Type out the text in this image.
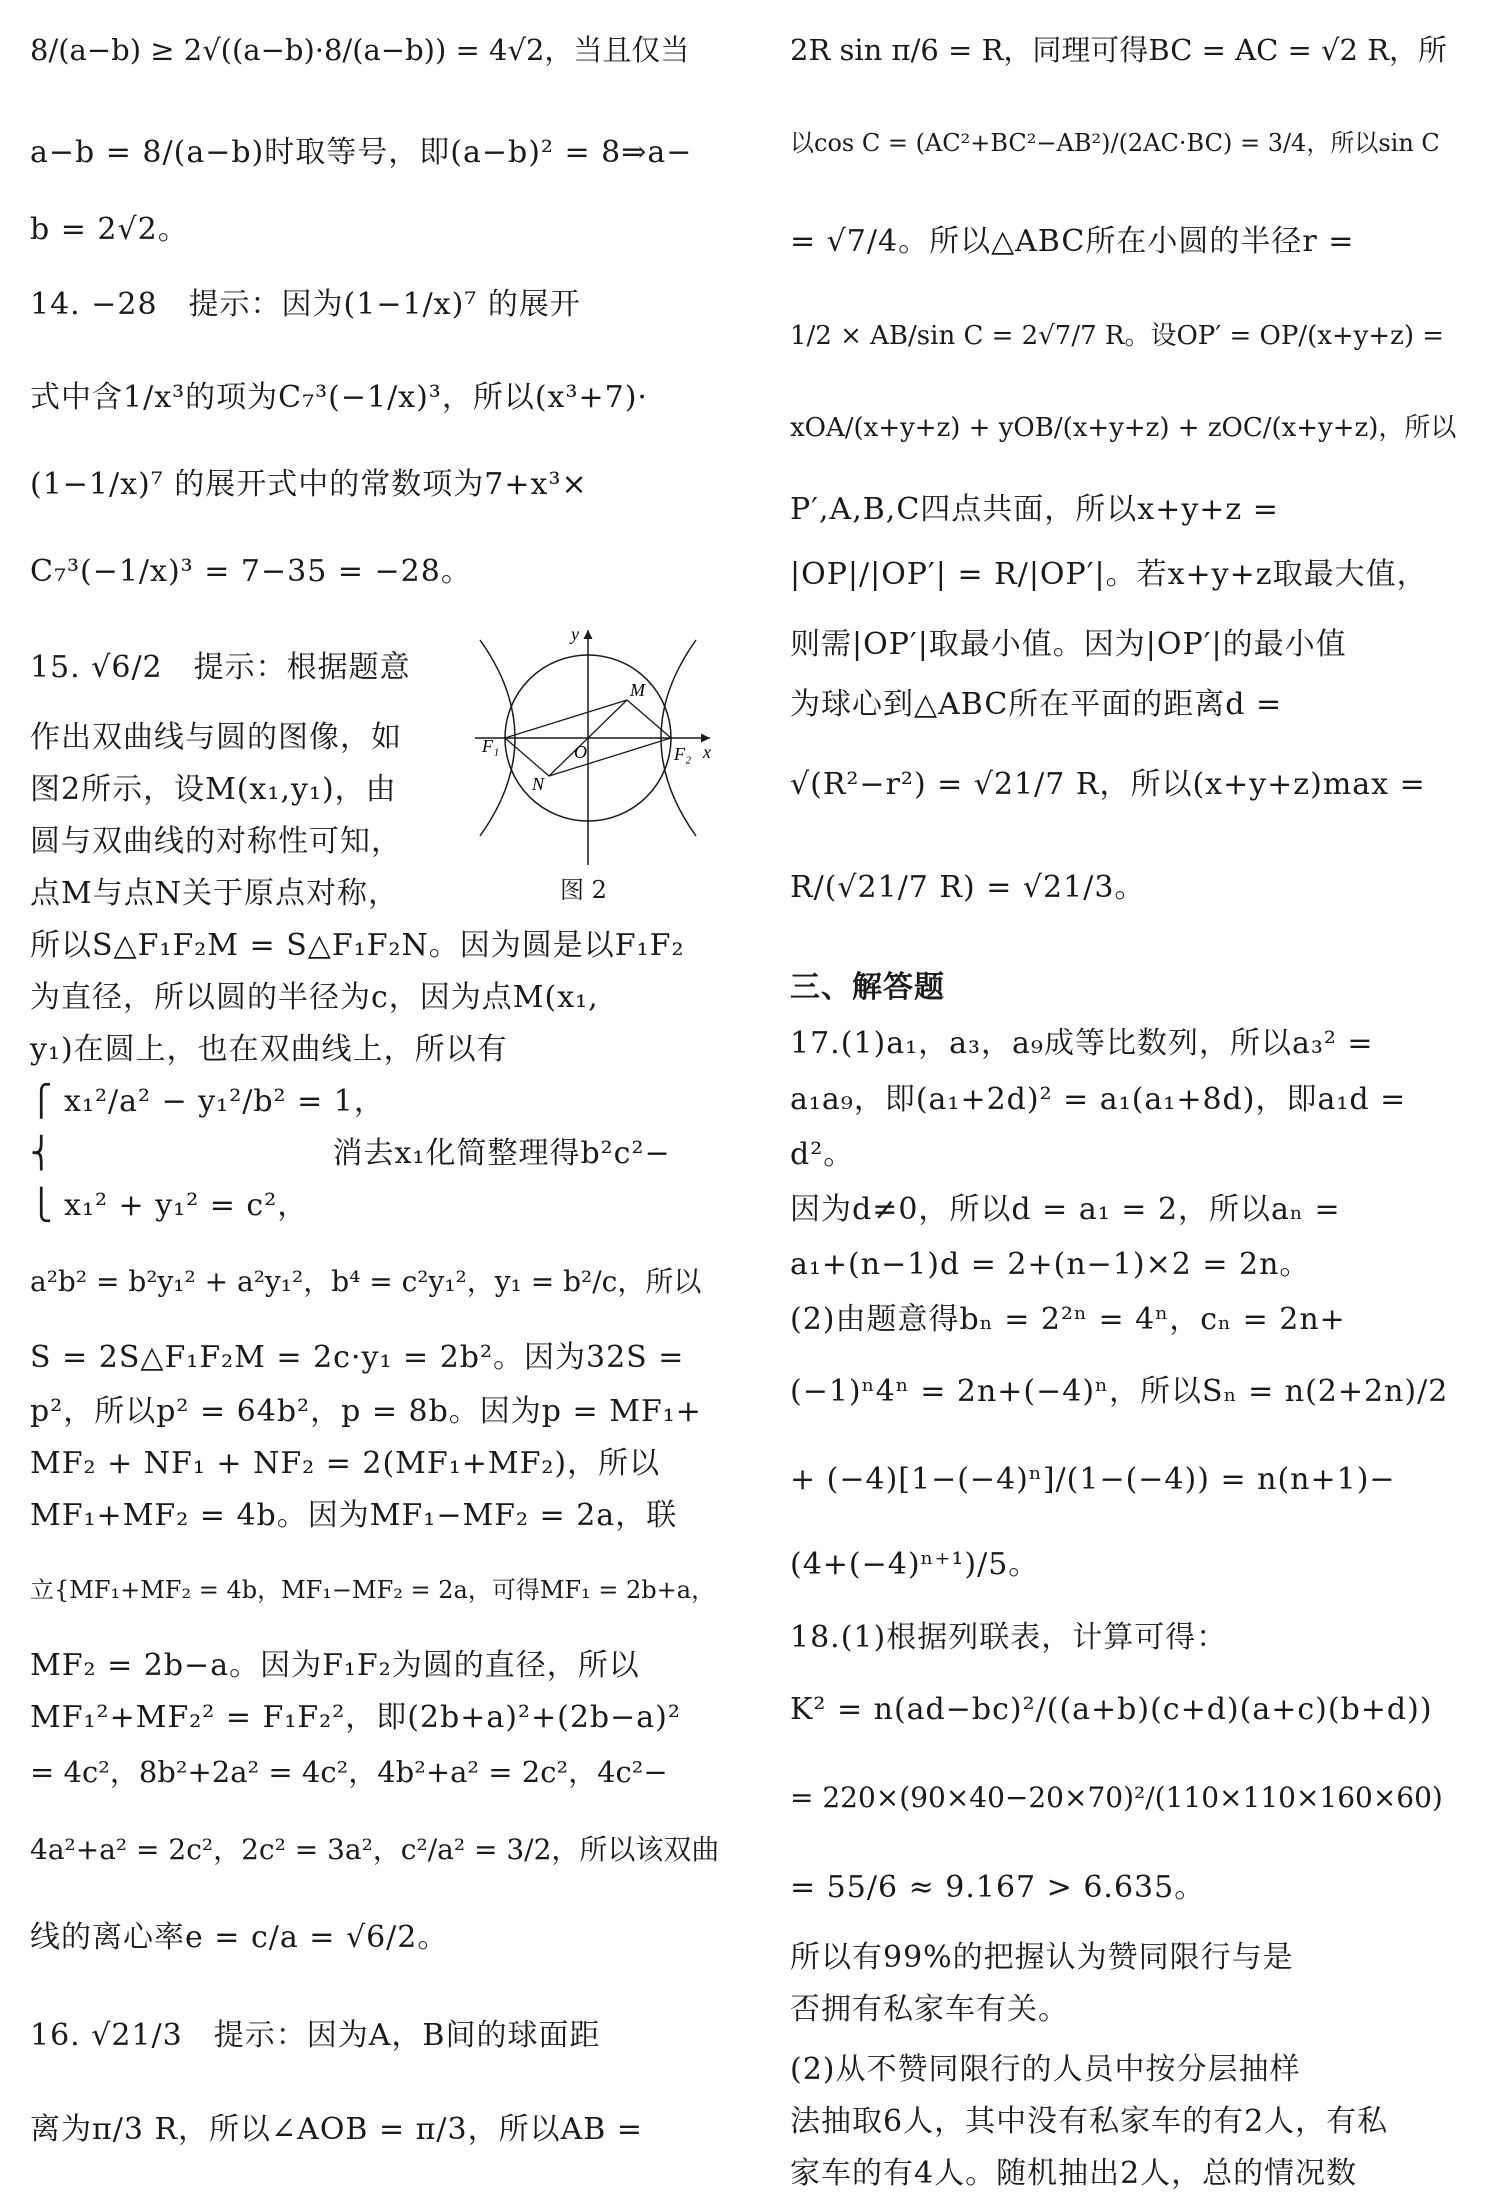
8/(a−b) ≥ 2√((a−b)·8/(a−b)) = 4√2，当且仅当
a−b = 8/(a−b)时取等号，即(a−b)² = 8⇒a−
b = 2√2。
14. −28　提示：因为(1−1/x)⁷ 的展开
式中含1/x³的项为C₇³(−1/x)³，所以(x³+7)·
(1−1/x)⁷ 的展开式中的常数项为7+x³×
C₇³(−1/x)³ = 7−35 = −28。
15. √6/2　提示：根据题意
作出双曲线与圆的图像，如
图2所示，设M(x₁,y₁)，由
圆与双曲线的对称性可知，
点M与点N关于原点对称，
所以S△F₁F₂M = S△F₁F₂N。因为圆是以F₁F₂
为直径，所以圆的半径为c，因为点M(x₁,
y₁)在圆上，也在双曲线上，所以有
⎧ x₁²/a² − y₁²/b² = 1，
⎨　　　　　　　　　消去x₁化简整理得b²c²−
⎩ x₁² + y₁² = c²，
a²b² = b²y₁² + a²y₁²，b⁴ = c²y₁²，y₁ = b²/c，所以
S = 2S△F₁F₂M = 2c·y₁ = 2b²。因为32S =
p²，所以p² = 64b²，p = 8b。因为p = MF₁+
MF₂ + NF₁ + NF₂ = 2(MF₁+MF₂)，所以
MF₁+MF₂ = 4b。因为MF₁−MF₂ = 2a，联
立{MF₁+MF₂ = 4b，MF₁−MF₂ = 2a，可得MF₁ = 2b+a，
MF₂ = 2b−a。因为F₁F₂为圆的直径，所以
MF₁²+MF₂² = F₁F₂²，即(2b+a)²+(2b−a)²
= 4c²，8b²+2a² = 4c²，4b²+a² = 2c²，4c²−
4a²+a² = 2c²，2c² = 3a²，c²/a² = 3/2，所以该双曲
线的离心率e = c/a = √6/2。
16. √21/3　提示：因为A，B间的球面距
离为π/3 R，所以∠AOB = π/3，所以AB =
2R sin π/6 = R，同理可得BC = AC = √2 R，所
以cos C = (AC²+BC²−AB²)/(2AC·BC) = 3/4，所以sin C
= √7/4。所以△ABC所在小圆的半径r =
1/2 × AB/sin C = 2√7/7 R。设OP′ = OP/(x+y+z) =
xOA/(x+y+z) + yOB/(x+y+z) + zOC/(x+y+z)，所以
P′,A,B,C四点共面，所以x+y+z =
|OP|/|OP′| = R/|OP′|。若x+y+z取最大值，
则需|OP′|取最小值。因为|OP′|的最小值
为球心到△ABC所在平面的距离d =
√(R²−r²) = √21/7 R，所以(x+y+z)max =
R/(√21/7 R) = √21/3。
三、解答题
17.(1)a₁，a₃，a₉成等比数列，所以a₃² =
a₁a₉，即(a₁+2d)² = a₁(a₁+8d)，即a₁d =
d²。
因为d≠0，所以d = a₁ = 2，所以aₙ =
a₁+(n−1)d = 2+(n−1)×2 = 2n。
(2)由题意得bₙ = 2²ⁿ = 4ⁿ，cₙ = 2n+
(−1)ⁿ4ⁿ = 2n+(−4)ⁿ，所以Sₙ = n(2+2n)/2
+ (−4)[1−(−4)ⁿ]/(1−(−4)) = n(n+1)−
(4+(−4)ⁿ⁺¹)/5。
18.(1)根据列联表，计算可得：
K² = n(ad−bc)²/((a+b)(c+d)(a+c)(b+d))
= 220×(90×40−20×70)²/(110×110×160×60)
= 55/6 ≈ 9.167 > 6.635。
所以有99%的把握认为赞同限行与是
否拥有私家车有关。
(2)从不赞同限行的人员中按分层抽样
法抽取6人，其中没有私家车的有2人，有私
家车的有4人。随机抽出2人，总的情况数
y
x
O
F₁	F₂
M
N
图 2
